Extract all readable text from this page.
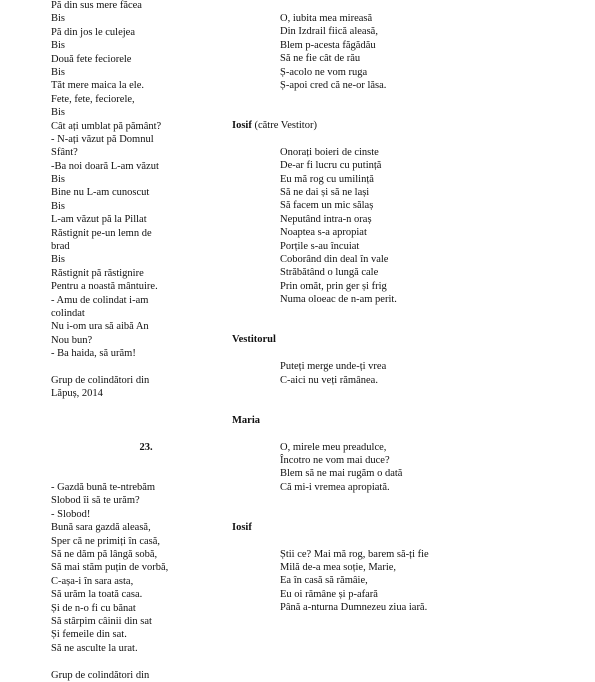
Pă din sus mere făcea
Bis
Pă din jos le culejea
Bis
Două fete feciorele
Bis
Tăt mere maica la ele.
Fete, fete, feciorele,
Bis
Cât ați umblat pă pământ?
- N-ați văzut pă Domnul
Sfânt?
-Ba noi doară L-am văzut
Bis
Bine nu L-am cunoscut
Bis
L-am văzut pă la Pillat
Răstignit pe-un lemn de
brad
Bis
Răstignit pă răstignire
Pentru a noastă mântuire.
- Amu de colindat i-am
colindat
Nu i-om ura să aibă An
Nou bun?
- Ba haida, să urăm!
Grup de colindători din
Lăpuș, 2014
23.
- Gazdă bună te-ntrebăm
Slobod îi să te urăm?
- Slobod!
Bună sara gazdă aleasă,
Sper că ne primiți în casă,
Să ne dăm pă lângă sobă,
Să mai stăm puțin de vorbă,
C-așa-i în sara asta,
Să urăm la toată casa.
Și de n-o fi cu bănat
Să stârpim câinii din sat
Și femeile din sat.
Să ne asculte la urat.
Grup de colindători din
O, iubita mea mireasă
Din Izdrail fiică aleasă,
Blem p-acesta făgădău
Să ne fie cât de rău
Ș-acolo ne vom ruga
Ș-apoi cred că ne-or lăsa.
Iosif (către Vestitor)
Onorați boieri de cinste
De-ar fi lucru cu putință
Eu mă rog cu umilință
Să ne dai și să ne lași
Să facem un mic sălaș
Neputând intra-n oraș
Noaptea s-a apropiat
Porțile s-au încuiat
Coborând din deal în vale
Străbătând o lungă cale
Prin omăt, prin ger și frig
Numa oloeac de n-am perit.
Vestitorul
Puteți merge unde-ți vrea
C-aici nu veți rămânea.
Maria
O, mirele meu preadulce,
Încotro ne vom mai duce?
Blem să ne mai rugăm o dată
Că mi-i vremea apropiată.
Iosif
Știi ce? Mai mă rog, barem să-ți fie
Milă de-a mea soție, Marie,
Ea în casă să rămâie,
Eu oi rămâne și p-afară
Până a-nturna Dumnezeu ziua iară.
